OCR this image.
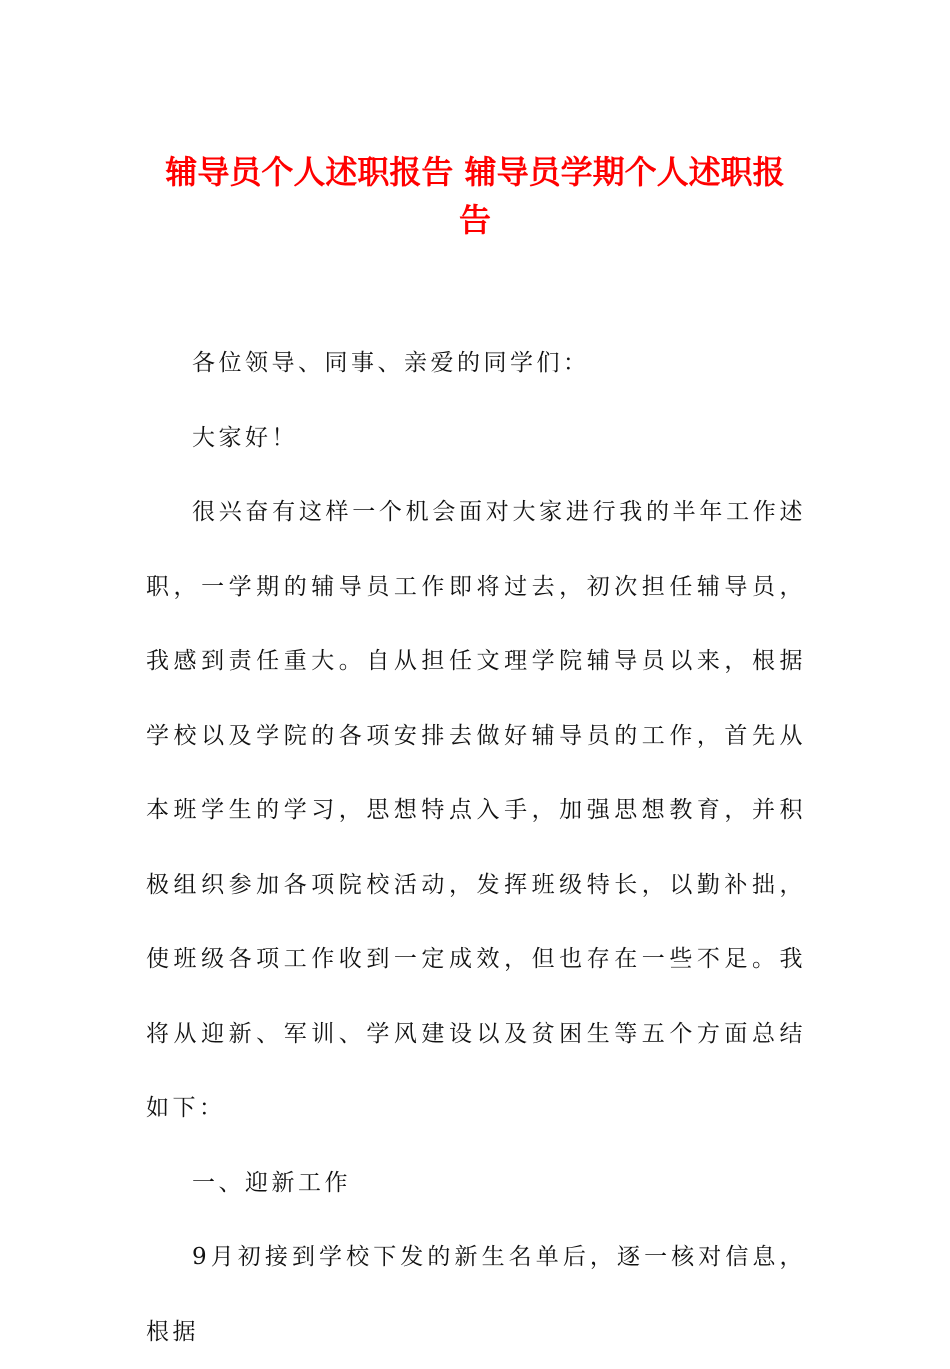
辅导员个人述职报告 辅导员学期个人述职报
告

各位领导、同事、亲爱的同学们：

大家好！

很兴奋有这样一个机会面对大家进行我的半年工作述职，一学期的辅导员工作即将过去，初次担任辅导员，我感到责任重大。自从担任文理学院辅导员以来，根据学校以及学院的各项安排去做好辅导员的工作，首先从本班学生的学习，思想特点入手，加强思想教育，并积极组织参加各项院校活动，发挥班级特长，以勤补拙，使班级各项工作收到一定成效，但也存在一些不足。我将从迎新、军训、学风建设以及贫困生等五个方面总结如下：

一、迎新工作

9月初接到学校下发的新生名单后，逐一核对信息，根据
